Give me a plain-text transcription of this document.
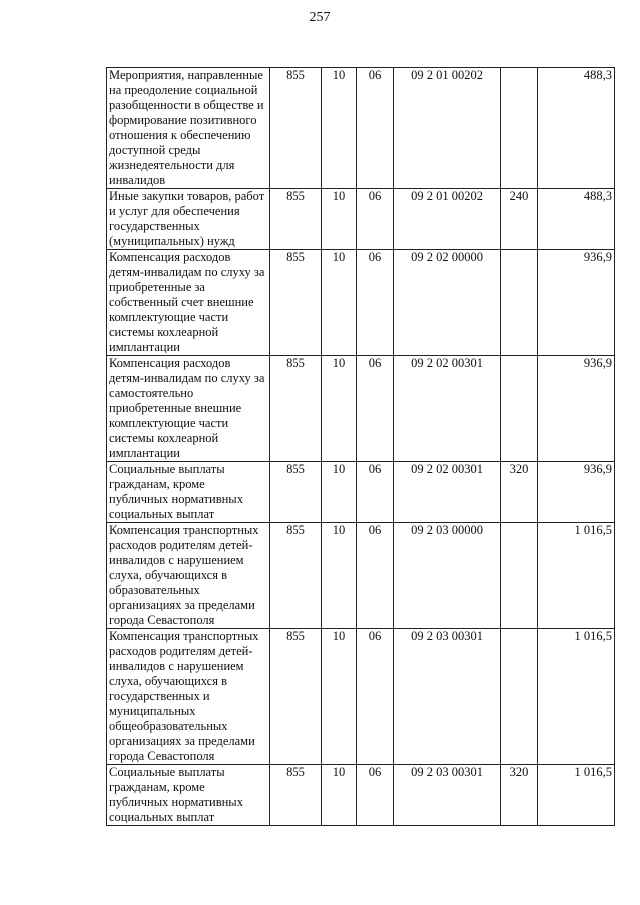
257
Мероприятия, направленные на преодоление социальной разобщенности в обществе и формирование позитивного отношения к обеспечению доступной среды жизнедеятельности для инвалидов	855	10	06	09 2 01 00202		488,3
Иные закупки товаров, работ и услуг для обеспечения государственных (муниципальных) нужд	855	10	06	09 2 01 00202	240	488,3
Компенсация расходов детям-инвалидам по слуху за приобретенные за собственный счет внешние комплектующие части системы кохлеарной имплантации	855	10	06	09 2 02 00000		936,9
Компенсация расходов детям-инвалидам по слуху за самостоятельно приобретенные внешние комплектующие части системы кохлеарной имплантации	855	10	06	09 2 02 00301		936,9
Социальные выплаты гражданам, кроме публичных нормативных социальных выплат	855	10	06	09 2 02 00301	320	936,9
Компенсация транспортных расходов родителям детей-инвалидов с нарушением слуха, обучающихся в образовательных организациях за пределами города Севастополя	855	10	06	09 2 03 00000		1 016,5
Компенсация транспортных расходов родителям детей-инвалидов с нарушением слуха, обучающихся в государственных и муниципальных общеобразовательных организациях за пределами города Севастополя	855	10	06	09 2 03 00301		1 016,5
Социальные выплаты гражданам, кроме публичных нормативных социальных выплат	855	10	06	09 2 03 00301	320	1 016,5
